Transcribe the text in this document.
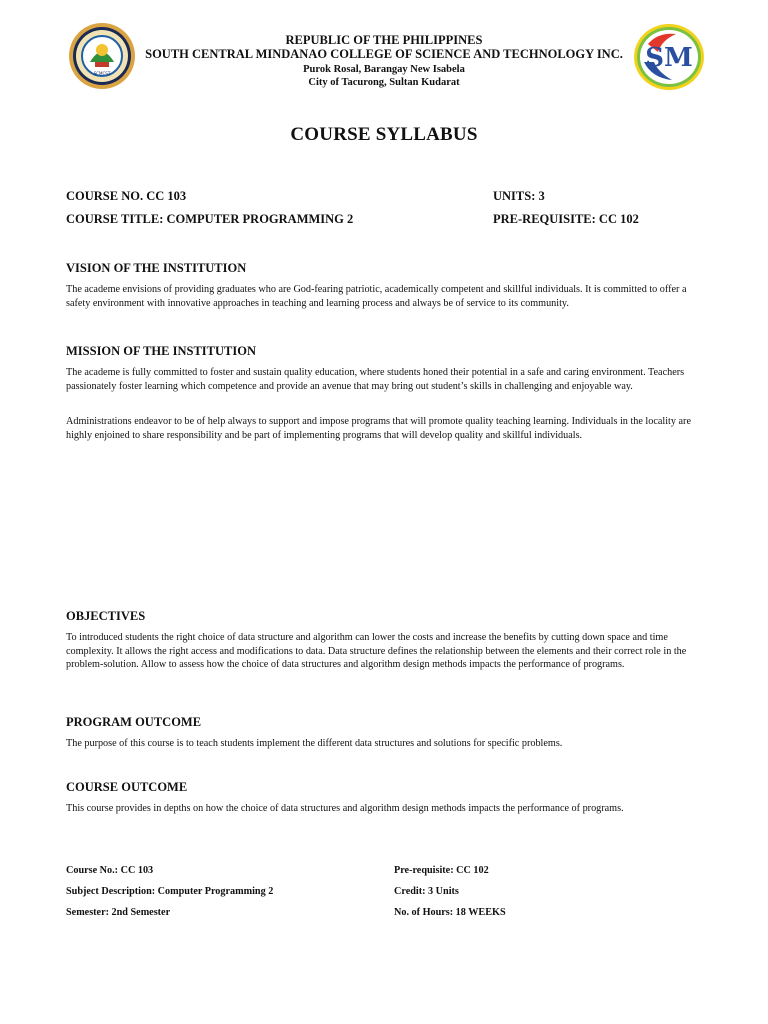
SCMCST
REPUBLIC OF THE PHILIPPINES
SOUTH CENTRAL MINDANAO COLLEGE OF SCIENCE AND TECHNOLOGY INC.
Purok Rosal, Barangay New Isabela
City of Tacurong, Sultan Kudarat
SM
COURSE SYLLABUS
COURSE NO. CC 103	UNITS: 3
COURSE TITLE: COMPUTER PROGRAMMING 2	PRE-REQUISITE: CC 102
VISION OF THE INSTITUTION
The academe envisions of providing graduates who are God-fearing patriotic, academically competent and skillful individuals. It is committed to offer a safety environment with innovative approaches in teaching and learning process and always be of service to its community.
MISSION OF THE INSTITUTION
The academe is fully committed to foster and sustain quality education, where students honed their potential in a safe and caring environment. Teachers passionately foster learning which competence and provide an avenue that may bring out student’s skills in challenging and enjoyable way.
Administrations endeavor to be of help always to support and impose programs that will promote quality teaching learning. Individuals in the locality are highly enjoined to share responsibility and be part of implementing programs that will develop quality and skillful individuals.
OBJECTIVES
To introduced students the right choice of data structure and algorithm can lower the costs and increase the benefits by cutting down space and time complexity. It allows the right access and modifications to data. Data structure defines the relationship between the elements and their correct role in the problem-solution. Allow to assess how the choice of data structures and algorithm design methods impacts the performance of programs.
PROGRAM OUTCOME
The purpose of this course is to teach students implement the different data structures and solutions for specific problems.
COURSE OUTCOME
This course provides in depths on how the choice of data structures and algorithm design methods impacts the performance of programs.
Course No.: CC 103	Pre-requisite: CC 102
Subject Description: Computer Programming 2	Credit: 3 Units
Semester: 2nd Semester	No. of Hours: 18 WEEKS
